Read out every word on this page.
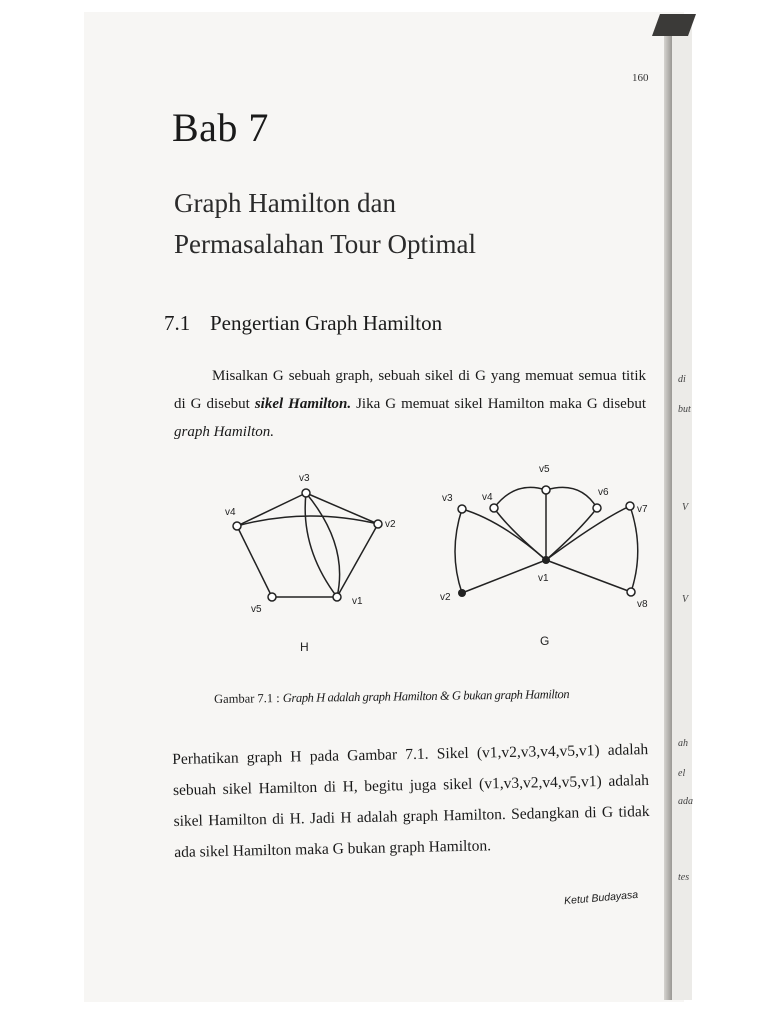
di
but
V
V
ah
el
ada
tes
160
Bab 7
Graph Hamilton dan
Permasalahan Tour Optimal
7.1 Pengertian Graph Hamilton
Misalkan G sebuah graph, sebuah sikel di G yang memuat semua titik di G disebut sikel Hamilton. Jika G memuat sikel Hamilton maka G disebut graph Hamilton.
v3
v2
v4
v5
v1
H
v5
v4	v6
v3
v7
v1
v2
v8
G
Gambar 7.1 : Graph H adalah graph Hamilton & G bukan graph Hamilton
Perhatikan graph H pada Gambar 7.1. Sikel (v1,v2,v3,v4,v5,v1) adalah sebuah sikel Hamilton di H, begitu juga sikel (v1,v3,v2,v4,v5,v1) adalah sikel Hamilton di H. Jadi H adalah graph Hamilton. Sedangkan di G tidak ada sikel Hamilton maka G bukan graph Hamilton.
Ketut Budayasa
